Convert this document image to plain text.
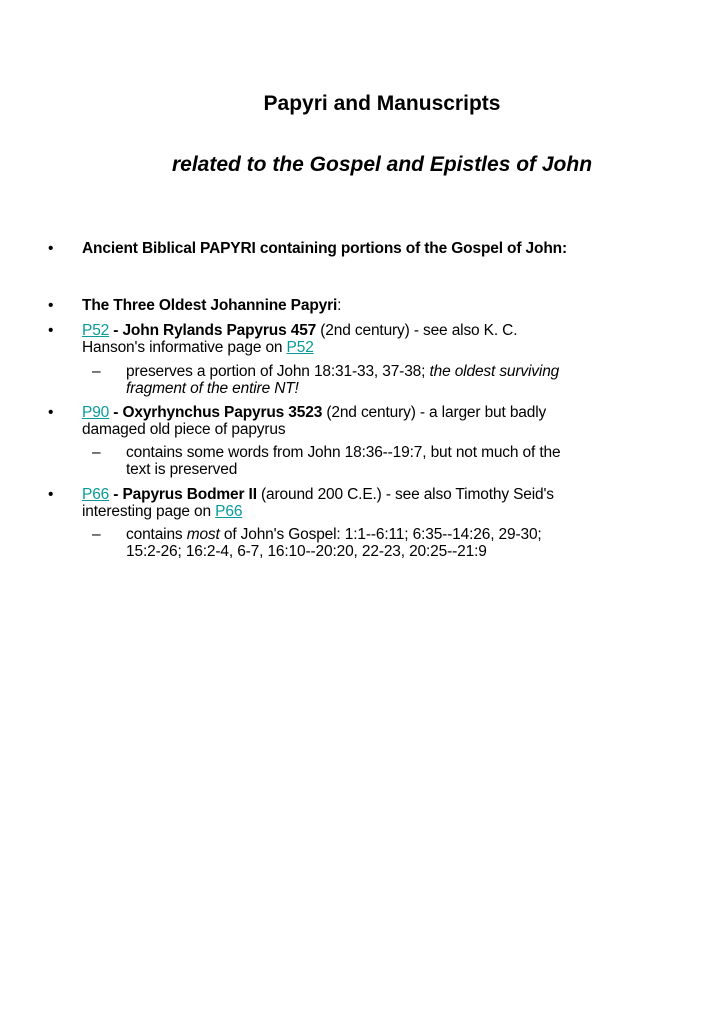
Papyri and Manuscripts
related to the Gospel and Epistles of John
•	Ancient Biblical PAPYRI containing portions of the Gospel of John:
•	The Three Oldest Johannine Papyri:
•	P52 - John Rylands Papyrus 457 (2nd century) - see also K. C.
Hanson's informative page on P52
– preserves a portion of John 18:31-33, 37-38; the oldest surviving
fragment of the entire NT!
•	P90 - Oxyrhynchus Papyrus 3523 (2nd century) - a larger but badly
damaged old piece of papyrus
– contains some words from John 18:36--19:7, but not much of the
text is preserved
•	P66 - Papyrus Bodmer II (around 200 C.E.) - see also Timothy Seid's
interesting page on P66
– contains most of John's Gospel: 1:1--6:11; 6:35--14:26, 29-30;
15:2-26; 16:2-4, 6-7, 16:10--20:20, 22-23, 20:25--21:9
